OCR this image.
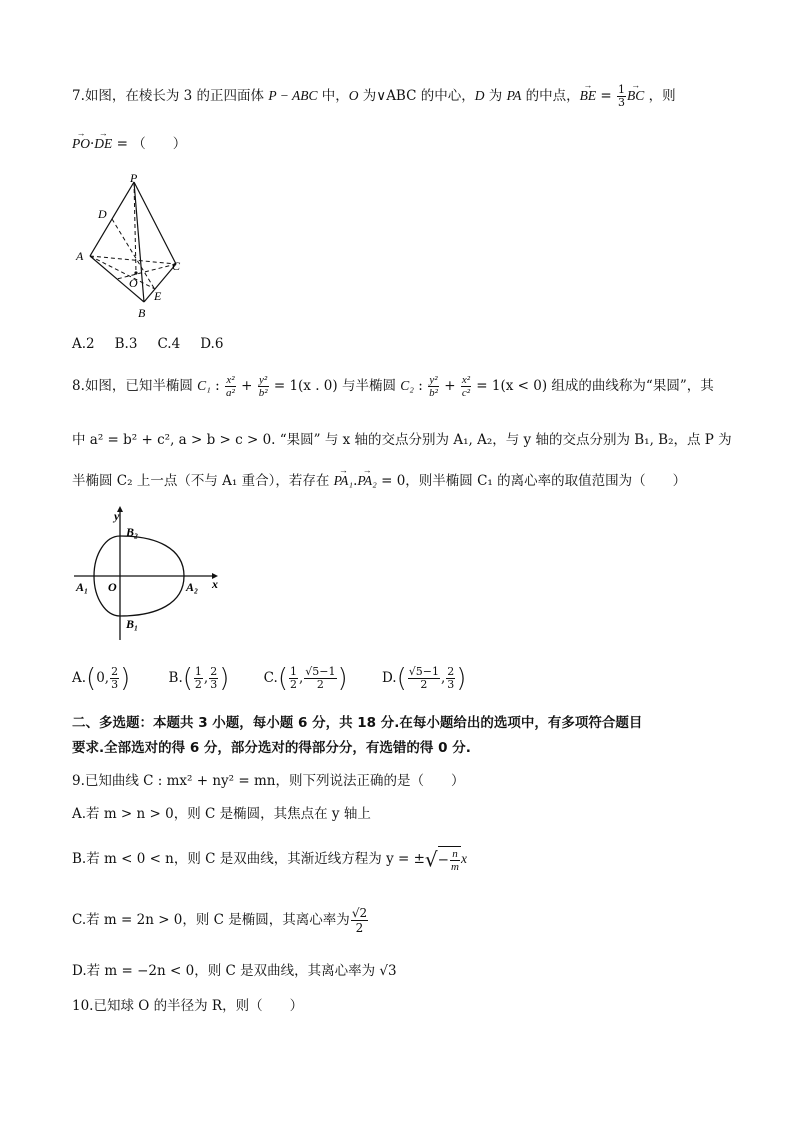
7.如图，在棱长为 3 的正四面体 P − ABC 中，O 为∨ABC 的中心，D 为 PA 的中点，→ BE = $\frac{1}{3}$
→ BC ，则
→ PO·→ DE = （　　）
P
D
A
C
O
E
B
A.2 B.3 C.4 D.6
8.如图，已知半椭圆 C₁ : $\frac{\text{x²}}{\text{a²}} + \frac{\text{y²}}{\text{b²}} = 1(x$ . 0) 与半椭圆 C₂ : $\frac{\text{y²}}{\text{b²}} + \frac{\text{x²}}{\text{c²}} = 1(x < 0)$ 组成的曲线称为“果圆”，其
中 a² = b² + c², a > b > c > 0. “果圆” 与 x 轴的交点分别为 A₁, A₂，与 y 轴的交点分别为 B₁, B₂，点 P 为
半椭圆 C₂ 上一点（不与 A₁ 重合），若存在 → PA₁.→ PA₂ = 0，则半椭圆 C₁ 的离心率的取值范围为（　　）
y
x
B₂
B₁
A₁	A₂
O
A.(0, $\frac{2}{3}$ )	$B.( \frac{1}{2}$ , $\frac{2}{3}$ )	$C.( \frac{1}{2}$ , $\frac{√5-1}{2}$ )	$D.( \frac{√5-1}{2}$ , $\frac{2}{3}$ )
二、多选题：本题共 3 小题，每小题 6 分，共 18 分.在每小题给出的选项中，有多项符合题目
要求.全部选对的得 6 分，部分选对的得部分分，有选错的得 0 分.
9.已知曲线 C : mx² + ny² = mn，则下列说法正确的是（　　）
A.若 m > n > 0，则 C 是椭圆，其焦点在 y 轴上
B.若 m < 0 < n，则 C 是双曲线，其渐近线方程为 y = ±√− $\frac{n}{m}$ x
C.若 m = 2n > 0，则 C 是椭圆，其离心率为 $\frac{√2}{2}$
D.若 m = −2n < 0，则 C 是双曲线，其离心率为 √3
10.已知球 O 的半径为 R，则（　　）
